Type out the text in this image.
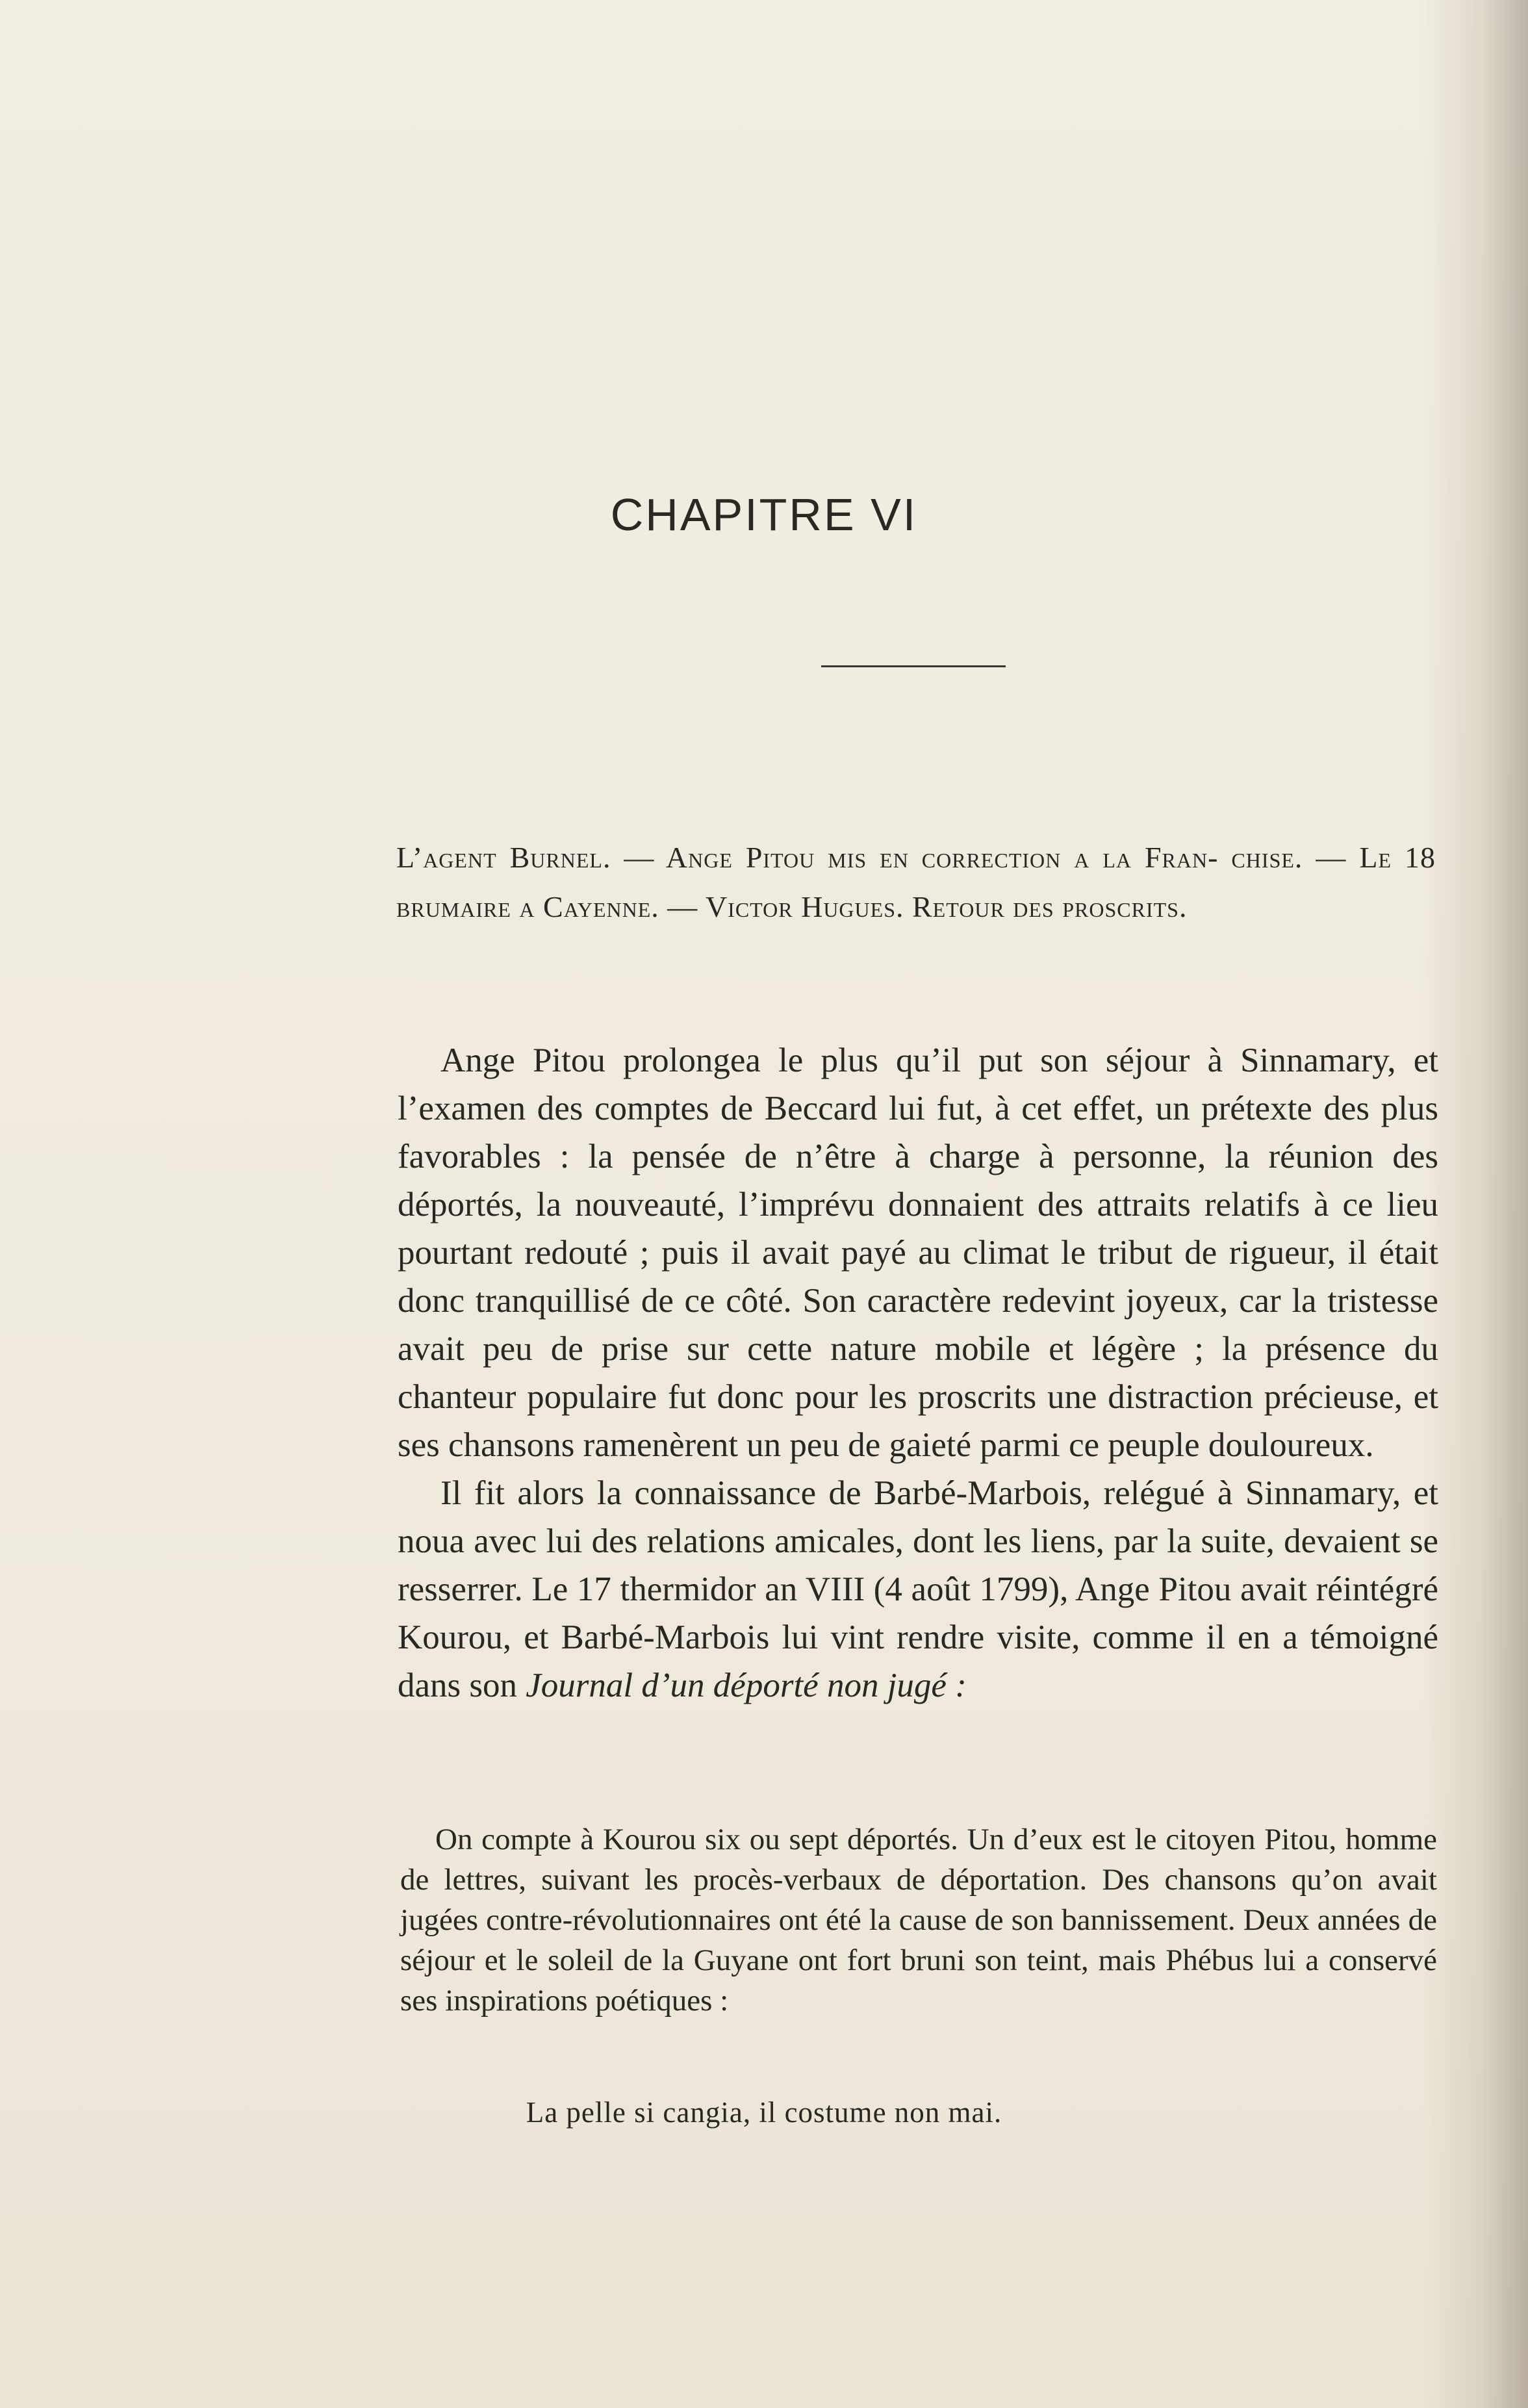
CHAPITRE VI
L’agent Burnel. — Ange Pitou mis en correction a la Fran- chise. — Le 18 brumaire a Cayenne. — Victor Hugues. Retour des proscrits.

Ange Pitou prolongea le plus qu’il put son séjour à Sinnamary, et l’examen des comptes de Beccard lui fut, à cet effet, un prétexte des plus favorables : la pensée de n’être à charge à personne, la réunion des déportés, la nouveauté, l’imprévu donnaient des attraits relatifs à ce lieu pourtant redouté ; puis il avait payé au climat le tribut de rigueur, il était donc tranquillisé de ce côté. Son caractère redevint joyeux, car la tristesse avait peu de prise sur cette nature mobile et légère ; la présence du chanteur populaire fut donc pour les proscrits une distraction précieuse, et ses chansons ramenèrent un peu de gaieté parmi ce peuple douloureux.

Il fit alors la connaissance de Barbé-Marbois, relégué à Sinnamary, et noua avec lui des relations amicales, dont les liens, par la suite, devaient se resserrer. Le 17 thermidor an VIII (4 août 1799), Ange Pitou avait réintégré Kourou, et Barbé-Marbois lui vint rendre visite, comme il en a témoigné dans son Journal d’un déporté non jugé :

On compte à Kourou six ou sept déportés. Un d’eux est le citoyen Pitou, homme de lettres, suivant les procès-verbaux de déportation. Des chansons qu’on avait jugées contre-révolutionnaires ont été la cause de son bannissement. Deux années de séjour et le soleil de la Guyane ont fort bruni son teint, mais Phébus lui a conservé ses inspirations poétiques :

La pelle si cangia, il costume non mai.
